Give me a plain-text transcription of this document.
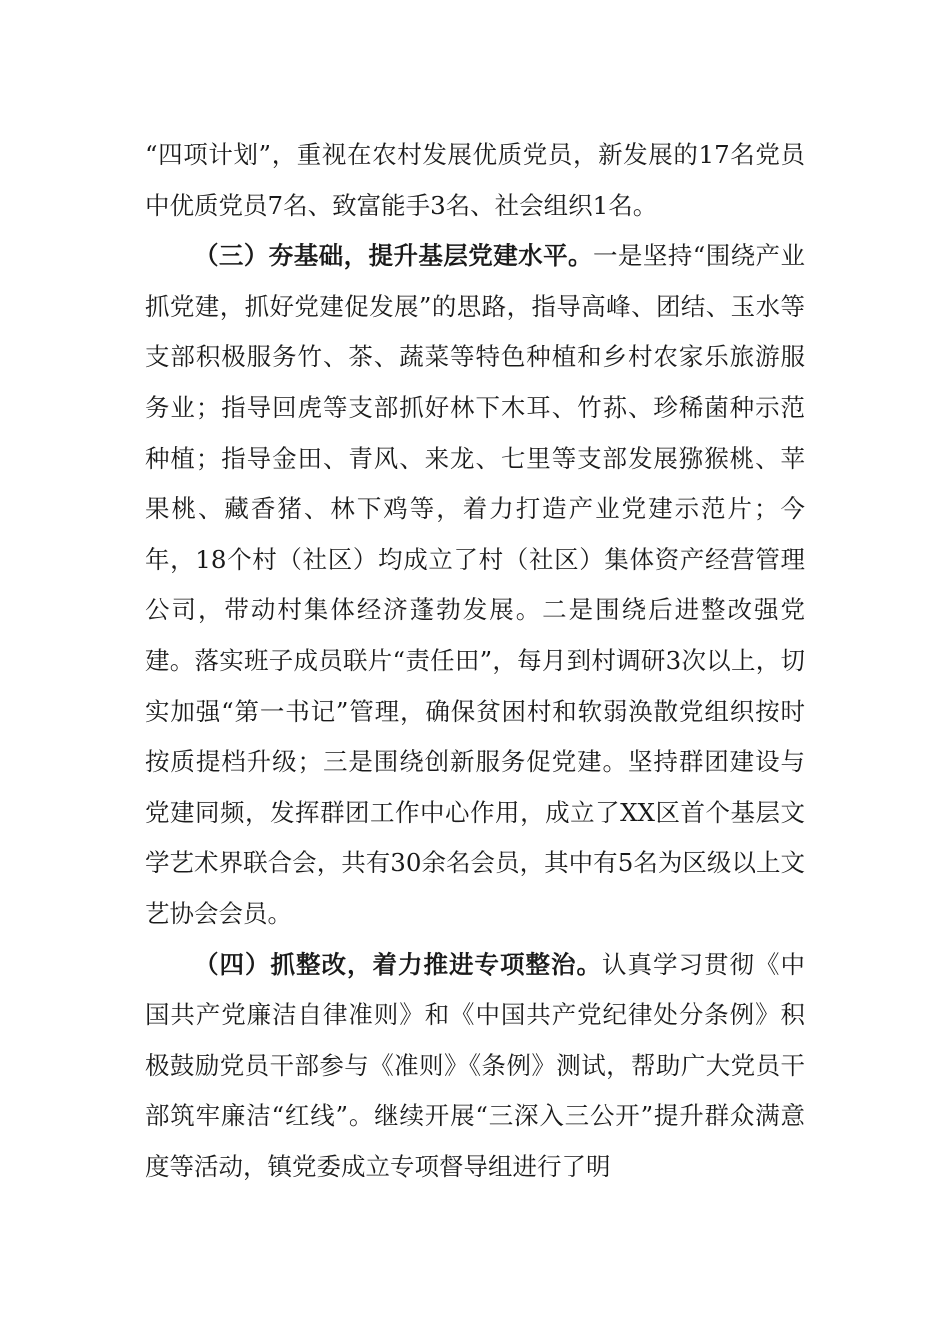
“四项计划”，重视在农村发展优质党员，新发展的17名党员中优质党员7名、致富能手3名、社会组织1名。

（三）夯基础，提升基层党建水平。一是坚持“围绕产业抓党建，抓好党建促发展”的思路，指导高峰、团结、玉水等支部积极服务竹、茶、蔬菜等特色种植和乡村农家乐旅游服务业；指导回虎等支部抓好林下木耳、竹荪、珍稀菌种示范种植；指导金田、青风、来龙、七里等支部发展猕猴桃、苹果桃、藏香猪、林下鸡等，着力打造产业党建示范片；今年，18个村（社区）均成立了村（社区）集体资产经营管理公司，带动村集体经济蓬勃发展。二是围绕后进整改强党建。落实班子成员联片“责任田”，每月到村调研3次以上，切实加强“第一书记”管理，确保贫困村和软弱涣散党组织按时按质提档升级；三是围绕创新服务促党建。坚持群团建设与党建同频，发挥群团工作中心作用，成立了XX区首个基层文学艺术界联合会，共有30余名会员，其中有5名为区级以上文艺协会会员。

（四）抓整改，着力推进专项整治。认真学习贯彻《中国共产党廉洁自律准则》和《中国共产党纪律处分条例》积极鼓励党员干部参与《准则》《条例》测试，帮助广大党员干部筑牢廉洁“红线”。继续开展“三深入三公开”提升群众满意度等活动，镇党委成立专项督导组进行了明
